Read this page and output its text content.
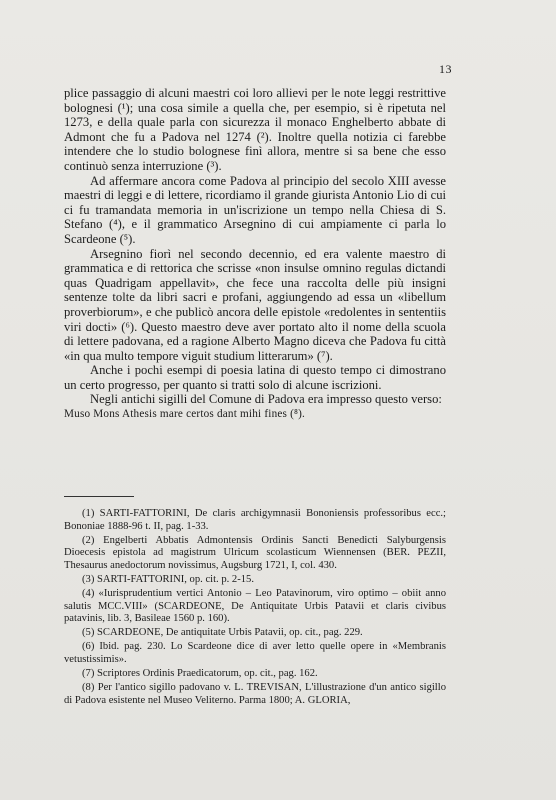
13

plice passaggio di alcuni maestri coi loro allievi per le note leggi restrittive bolognesi (¹); una cosa simile a quella che, per esempio, si è ripetuta nel 1273, e della quale parla con sicurezza il monaco Enghelberto abbate di Admont che fu a Padova nel 1274 (²). Inoltre quella notizia ci farebbe intendere che lo studio bolognese finì allora, mentre si sa bene che esso continuò senza interruzione (³).

Ad affermare ancora come Padova al principio del secolo XIII avesse maestri di leggi e di lettere, ricordiamo il grande giurista Antonio Lio di cui ci fu tramandata memoria in un'iscrizione un tempo nella Chiesa di S. Stefano (⁴), e il grammatico Arsegnino di cui ampiamente ci parla lo Scardeone (⁵).

Arsegnino fiorì nel secondo decennio, ed era valente maestro di grammatica e di rettorica che scrisse «non insulse omnino regulas dictandi quas Quadrigam appellavit», che fece una raccolta delle più insigni sentenze tolte da libri sacri e profani, aggiungendo ad essa un «libellum proverbiorum», e che publicò ancora delle epistole «redolentes in sententiis viri docti» (⁶). Questo maestro deve aver portato alto il nome della scuola di lettere padovana, ed a ragione Alberto Magno diceva che Padova fu città «in qua multo tempore viguit studium litterarum» (⁷).

Anche i pochi esempi di poesia latina di questo tempo ci dimostrano un certo progresso, per quanto si tratti solo di alcune iscrizioni.

Negli antichi sigilli del Comune di Padova era impresso questo verso:

Muso Mons Athesis mare certos dant mihi fines (⁸).

(1) SARTI-FATTORINI, De claris archigymnasii Bononiensis professoribus ecc.; Bononiae 1888-96 t. II, pag. 1-33.

(2) Engelberti Abbatis Admontensis Ordinis Sancti Benedicti Salyburgensis Dioecesis epistola ad magistrum Ulricum scolasticum Wiennensen (BER. PEZII, Thesaurus anedoctorum novissimus, Augsburg 1721, I, col. 430.

(3) SARTI-FATTORINI, op. cit. p. 2-15.

(4) «Iurisprudentium vertici Antonio – Leo Patavinorum, viro optimo – obiit anno salutis MCC.VIII» (SCARDEONE, De Antiquitate Urbis Patavii et claris civibus patavinis, lib. 3, Basileae 1560 p. 160).

(5) SCARDEONE, De antiquitate Urbis Patavii, op. cit., pag. 229.

(6) Ibid. pag. 230. Lo Scardeone dice di aver letto quelle opere in «Membranis vetustissimis».

(7) Scriptores Ordinis Praedicatorum, op. cit., pag. 162.

(8) Per l'antico sigillo padovano v. L. TREVISAN, L'illustrazione d'un antico sigillo di Padova esistente nel Museo Veliterno. Parma 1800; A. GLORIA,
